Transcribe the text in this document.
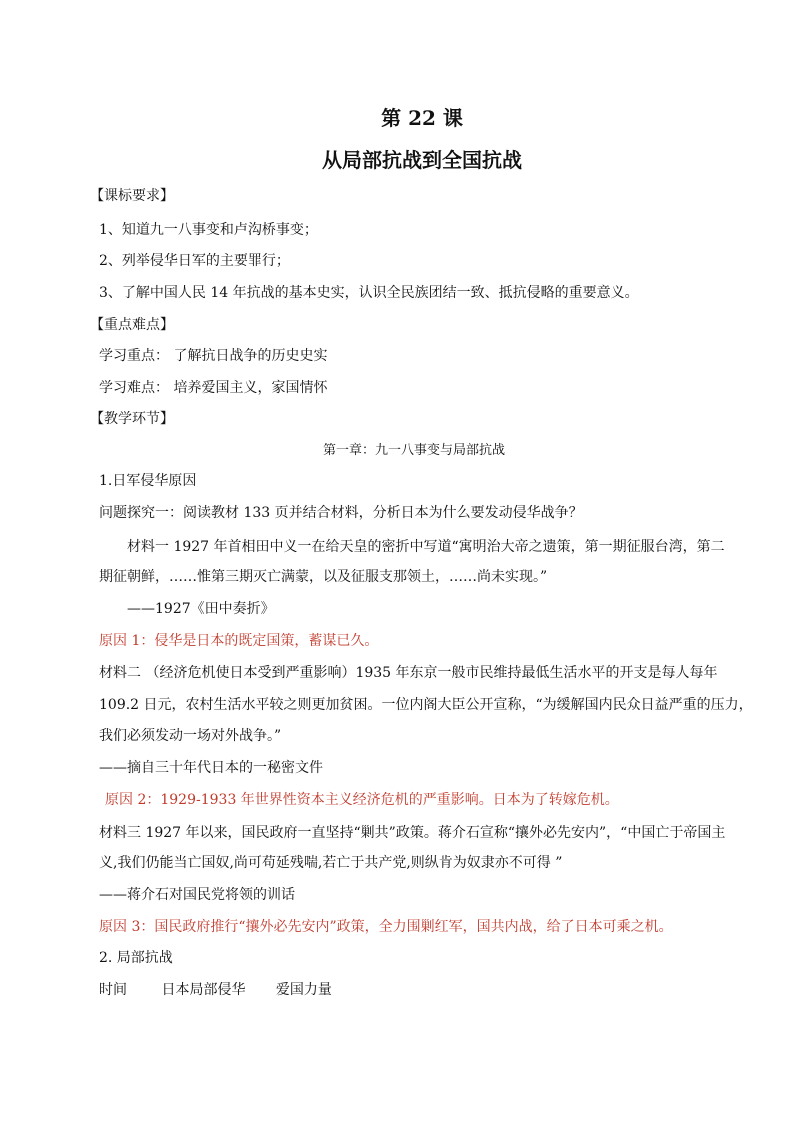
第 22 课
从局部抗战到全国抗战
【课标要求】
1、知道九一八事变和卢沟桥事变；
2、列举侵华日军的主要罪行；
3、了解中国人民 14 年抗战的基本史实，认识全民族团结一致、抵抗侵略的重要意义。
【重点难点】
学习重点： 了解抗日战争的历史史实
学习难点： 培养爱国主义，家国情怀
【教学环节】
第一章：九一八事变与局部抗战
1.日军侵华原因
问题探究一：阅读教材 133 页并结合材料，分析日本为什么要发动侵华战争？
材料一 1927 年首相田中义一在给天皇的密折中写道“寓明治大帝之遗策，第一期征服台湾，第二
期征朝鲜，……惟第三期灭亡满蒙，以及征服支那领土，……尚未实现。”
——1927《田中奏折》
原因 1：侵华是日本的既定国策，蓄谋已久。
材料二 （经济危机使日本受到严重影响）1935 年东京一般市民维持最低生活水平的开支是每人每年
109.2 日元，农村生活水平较之则更加贫困。一位内阁大臣公开宣称，“为缓解国内民众日益严重的压力，
我们必须发动一场对外战争。”
——摘自三十年代日本的一秘密文件
原因 2：1929-1933 年世界性资本主义经济危机的严重影响。日本为了转嫁危机。
材料三 1927 年以来，国民政府一直坚持“剿共”政策。蒋介石宣称“攘外必先安内”，“中国亡于帝国主
义,我们仍能当亡国奴,尚可苟延残喘,若亡于共产党,则纵肯为奴隶亦不可得 ”
——蒋介石对国民党将领的训话
原因 3：国民政府推行“攘外必先安内”政策，全力围剿红军，国共内战，给了日本可乘之机。
2. 局部抗战
时间 日本局部侵华 爱国力量
